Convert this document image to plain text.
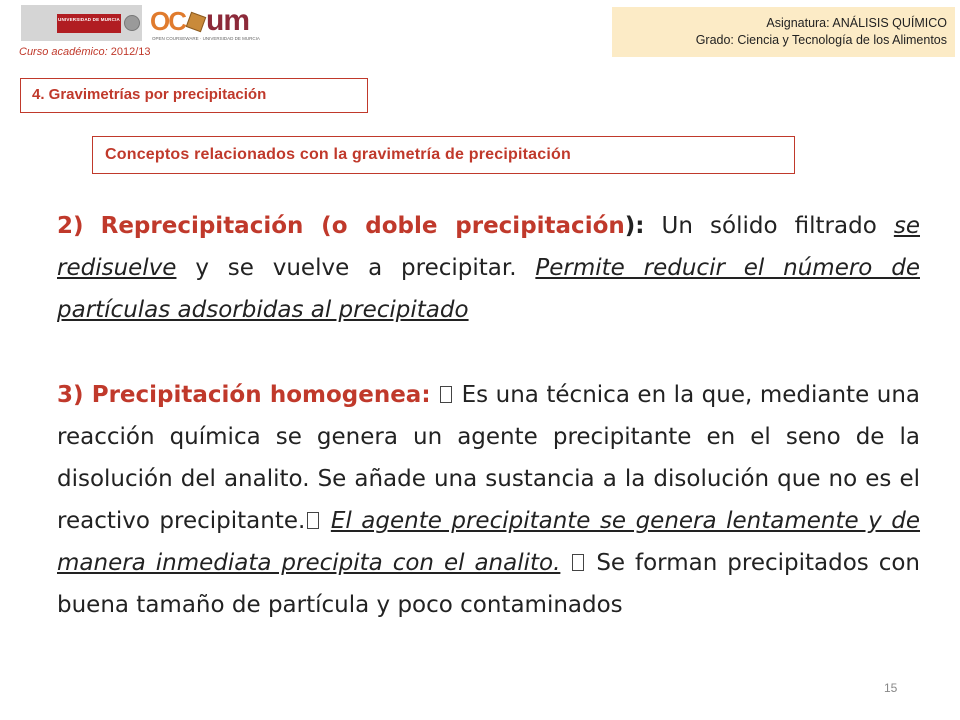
UNIVERSIDAD DE MURCIA OC um
OPEN COURSEWARE · UNIVERSIDAD DE MURCIA
Curso académico: 2012/13
Asignatura: ANÁLISIS QUÍMICO
Grado: Ciencia y Tecnología de los Alimentos
4. Gravimetrías por precipitación
Conceptos relacionados con la gravimetría de precipitación
2) Reprecipitación (o doble precipitación): Un sólido filtrado se redisuelve y se vuelve a precipitar. Permite reducir el número de partículas adsorbidas al precipitado
3) Precipitación homogenea:  Es una técnica en la que, mediante una reacción química se genera un agente precipitante en el seno de la disolución del analito. Se añade una sustancia a la disolución que no es el reactivo precipitante. El agente precipitante se genera lentamente y de manera inmediata precipita con el analito.  Se forman precipitados con buena tamaño de partícula y poco contaminados
15
